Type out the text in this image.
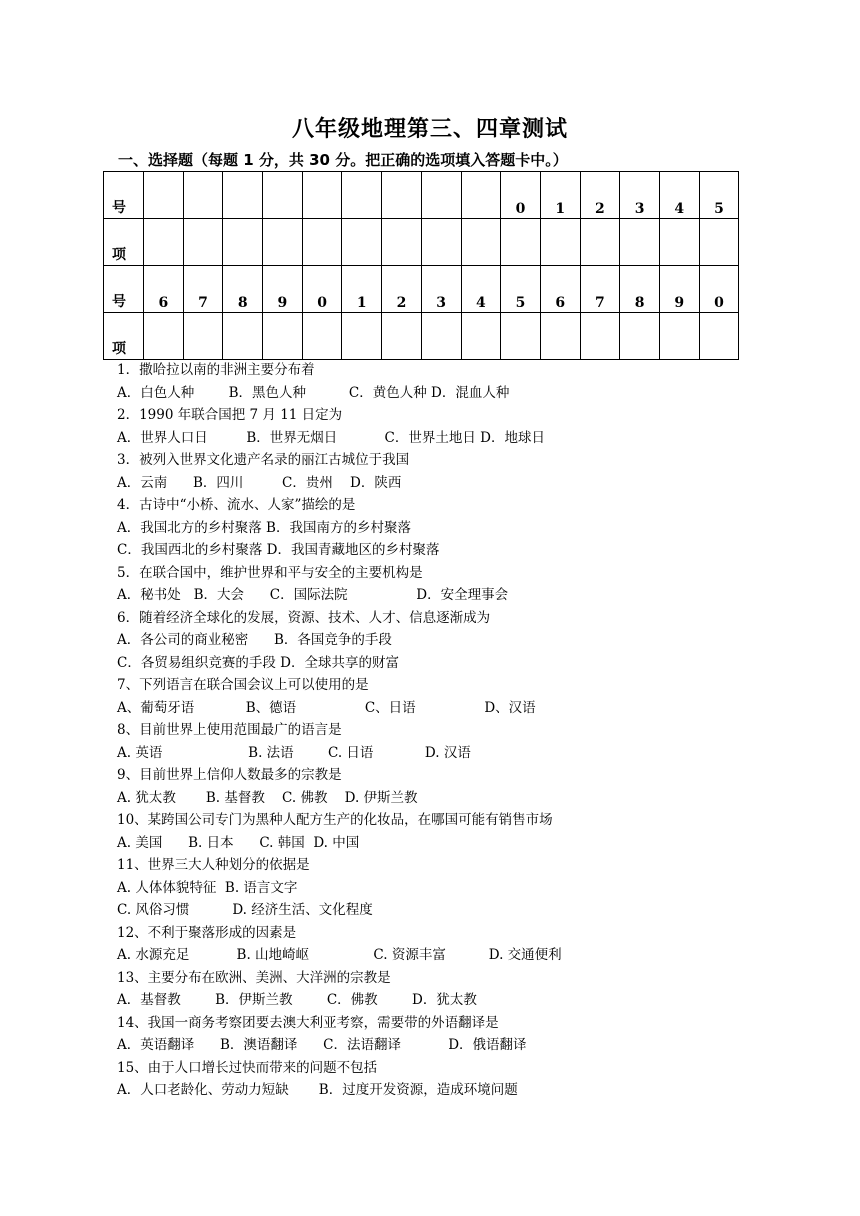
八年级地理第三、四章测试
一、选择题（每题 1 分，共 30 分。把正确的选项填入答题卡中。）
号										0	1	2	3	4	5
项															
号	6	7	8	9	0	1	2	3	4	5	6	7	8	9	0
项															
1．撒哈拉以南的非洲主要分布着
A．白色人种        B．黑色人种          C．黄色人种 D．混血人种
2．1990 年联合国把 7 月 11 日定为
A．世界人口日         B．世界无烟日           C．世界土地日 D．地球日
3．被列入世界文化遗产名录的丽江古城位于我国
A．云南      B．四川         C．贵州    D．陕西
4．古诗中“小桥、流水、人家”描绘的是
A．我国北方的乡村聚落 B．我国南方的乡村聚落
C．我国西北的乡村聚落 D．我国青藏地区的乡村聚落
5．在联合国中，维护世界和平与安全的主要机构是
A．秘书处   B．大会      C．国际法院                D．安全理事会
6．随着经济全球化的发展，资源、技术、人才、信息逐渐成为
A．各公司的商业秘密      B．各国竞争的手段
C．各贸易组织竞赛的手段 D．全球共享的财富
7、下列语言在联合国会议上可以使用的是
A、葡萄牙语            B、德语                C、日语                D、汉语
8、目前世界上使用范围最广的语言是
A. 英语                    B. 法语        C. 日语            D. 汉语
9、目前世界上信仰人数最多的宗教是
A. 犹太教       B. 基督教    C. 佛教    D. 伊斯兰教
10、某跨国公司专门为黑种人配方生产的化妆品，在哪国可能有销售市场
A. 美国      B. 日本      C. 韩国  D. 中国
11、世界三大人种划分的依据是
A. 人体体貌特征  B. 语言文字
C. 风俗习惯          D. 经济生活、文化程度
12、不利于聚落形成的因素是
A. 水源充足           B. 山地崎岖               C. 资源丰富          D. 交通便利
13、主要分布在欧洲、美洲、大洋洲的宗教是
A．基督教        B．伊斯兰教        C．佛教        D．犹太教
14、我国一商务考察团要去澳大利亚考察，需要带的外语翻译是
A．英语翻译      B．澳语翻译      C．法语翻译           D．俄语翻译
15、由于人口增长过快而带来的问题不包括
A．人口老龄化、劳动力短缺       B．过度开发资源，造成环境问题
